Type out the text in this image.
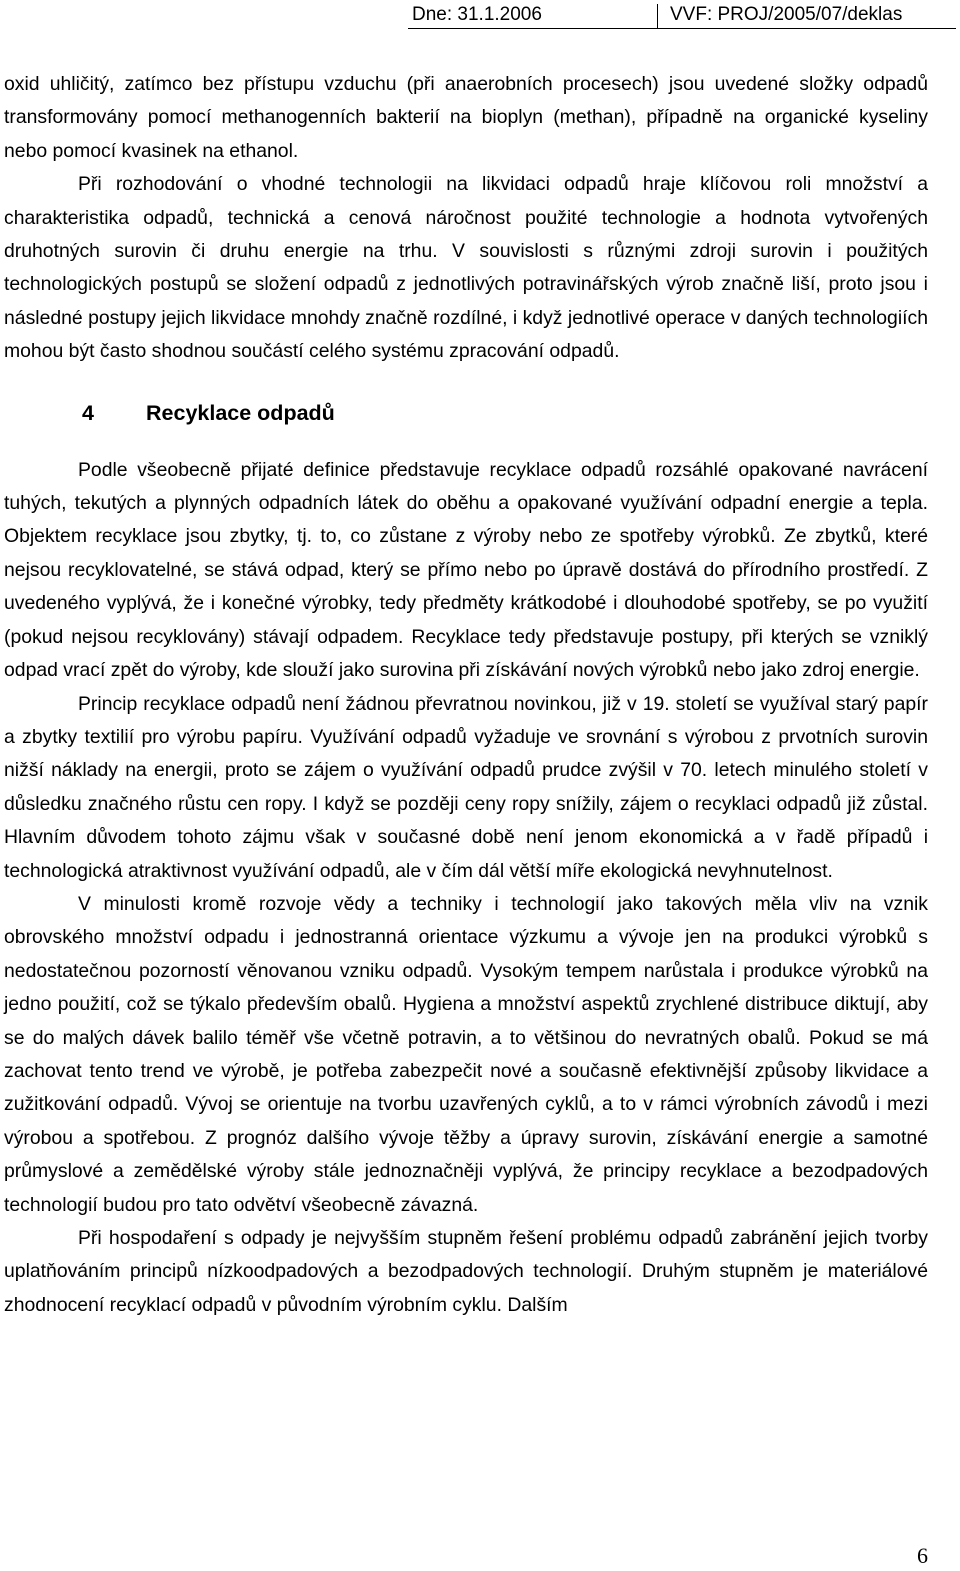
Dne: 31.1.2006	VVF: PROJ/2005/07/deklas

oxid uhličitý, zatímco bez přístupu vzduchu (při anaerobních procesech) jsou uvedené složky odpadů transformovány pomocí methanogenních bakterií na bioplyn (methan), případně na organické kyseliny nebo pomocí kvasinek na ethanol.

Při rozhodování o vhodné technologii na likvidaci odpadů hraje klíčovou roli množství a charakteristika odpadů, technická a cenová náročnost použité technologie a hodnota vytvořených druhotných surovin či druhu energie na trhu. V souvislosti s různými zdroji surovin i použitých technologických postupů se složení odpadů z jednotlivých potravinářských výrob značně liší, proto jsou i následné postupy jejich likvidace mnohdy značně rozdílné, i když jednotlivé operace v daných technologiích mohou být často shodnou součástí celého systému zpracování odpadů.

4	Recyklace odpadů

Podle všeobecně přijaté definice představuje recyklace odpadů rozsáhlé opakované navrácení tuhých, tekutých a plynných odpadních látek do oběhu a opakované využívání odpadní energie a tepla. Objektem recyklace jsou zbytky, tj. to, co zůstane z výroby nebo ze spotřeby výrobků. Ze zbytků, které nejsou recyklovatelné, se stává odpad, který se přímo nebo po úpravě dostává do přírodního prostředí. Z uvedeného vyplývá, že i konečné výrobky, tedy předměty krátkodobé i dlouhodobé spotřeby, se po využití (pokud nejsou recyklovány) stávají odpadem. Recyklace tedy představuje postupy, při kterých se vzniklý odpad vrací zpět do výroby, kde slouží jako surovina při získávání nových výrobků nebo jako zdroj energie.

Princip recyklace odpadů není žádnou převratnou novinkou, již v 19. století se využíval starý papír a zbytky textilií pro výrobu papíru. Využívání odpadů vyžaduje ve srovnání s výrobou z prvotních surovin nižší náklady na energii, proto se zájem o využívání odpadů prudce zvýšil v 70. letech minulého století v důsledku značného růstu cen ropy. I když se později ceny ropy snížily, zájem o recyklaci odpadů již zůstal. Hlavním důvodem tohoto zájmu však v současné době není jenom ekonomická a v řadě případů i technologická atraktivnost využívání odpadů, ale v čím dál větší míře ekologická nevyhnutelnost.

V minulosti kromě rozvoje vědy a techniky i technologií jako takových měla vliv na vznik obrovského množství odpadu i jednostranná orientace výzkumu a vývoje jen na produkci výrobků s nedostatečnou pozorností věnovanou vzniku odpadů. Vysokým tempem narůstala i produkce výrobků na jedno použití, což se týkalo především obalů. Hygiena a množství aspektů zrychlené distribuce diktují, aby se do malých dávek balilo téměř vše včetně potravin, a to většinou do nevratných obalů. Pokud se má zachovat tento trend ve výrobě, je potřeba zabezpečit nové a současně efektivnější způsoby likvidace a zužitkování odpadů. Vývoj se orientuje na tvorbu uzavřených cyklů, a to v rámci výrobních závodů i mezi výrobou a spotřebou. Z prognóz dalšího vývoje těžby a úpravy surovin, získávání energie a samotné průmyslové a zemědělské výroby stále jednoznačněji vyplývá, že principy recyklace a bezodpadových technologií budou pro tato odvětví všeobecně závazná.

Při hospodaření s odpady je nejvyšším stupněm řešení problému odpadů zabránění jejich tvorby uplatňováním principů nízkoodpadových a bezodpadových technologií. Druhým stupněm je materiálové zhodnocení recyklací odpadů v původním výrobním cyklu. Dalším

6
